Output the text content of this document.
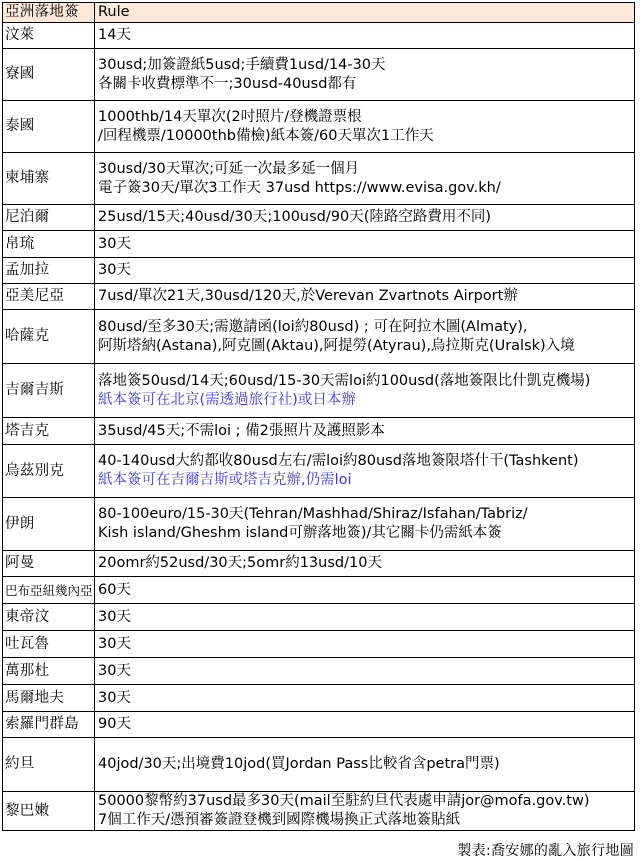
亞洲落地簽	Rule
汶萊	14天

寮國	30usd;加簽證紙5usd;手續費1usd/14-30天
各關卡收費標準不一;30usd-40usd都有

泰國	1000thb/14天單次(2吋照片/登機證票根
/回程機票/10000thb備檢)紙本簽/60天單次1工作天

柬埔寨	30usd/30天單次;可延一次最多延一個月
電子簽30天/單次3工作天 37usd https://www.evisa.gov.kh/

尼泊爾	25usd/15天;40usd/30天;100usd/90天(陸路空路費用不同)

帛琉	30天

孟加拉	30天

亞美尼亞	7usd/單次21天,30usd/120天,於Verevan Zvartnots Airport辦

哈薩克	80usd/至多30天;需邀請函(loi約80usd) ; 可在阿拉木圖(Almaty),
阿斯塔納(Astana),阿克圖(Aktau),阿提勞(Atyrau),烏拉斯克(Uralsk)入境

吉爾吉斯	落地簽50usd/14天;60usd/15-30天需loi約100usd(落地簽限比什凱克機場)
紙本簽可在北京(需透過旅行社)或日本辦

塔吉克	35usd/45天;不需loi ; 備2張照片及護照影本

烏茲別克	40-140usd大約都收80usd左右/需loi約80usd落地簽限塔什干(Tashkent)
紙本簽可在吉爾吉斯或塔吉克辦,仍需loi

伊朗	80-100euro/15-30天(Tehran/Mashhad/Shiraz/Isfahan/Tabriz/
Kish island/Gheshm island可辦落地簽)/其它關卡仍需紙本簽

阿曼	20omr約52usd/30天;5omr約13usd/10天

巴布亞紐幾內亞	60天

東帝汶	30天

吐瓦魯	30天

萬那杜	30天

馬爾地夫	30天

索羅門群島	90天

約旦	40jod/30天;出境費10jod(買Jordan Pass比較省含petra門票)

黎巴嫩	50000黎幣約37usd最多30天(mail至駐約旦代表處申請jor@mofa.gov.tw)
7個工作天/憑預審簽證登機到國際機場換正式落地簽貼紙
製表:喬安娜的亂入旅行地圖
